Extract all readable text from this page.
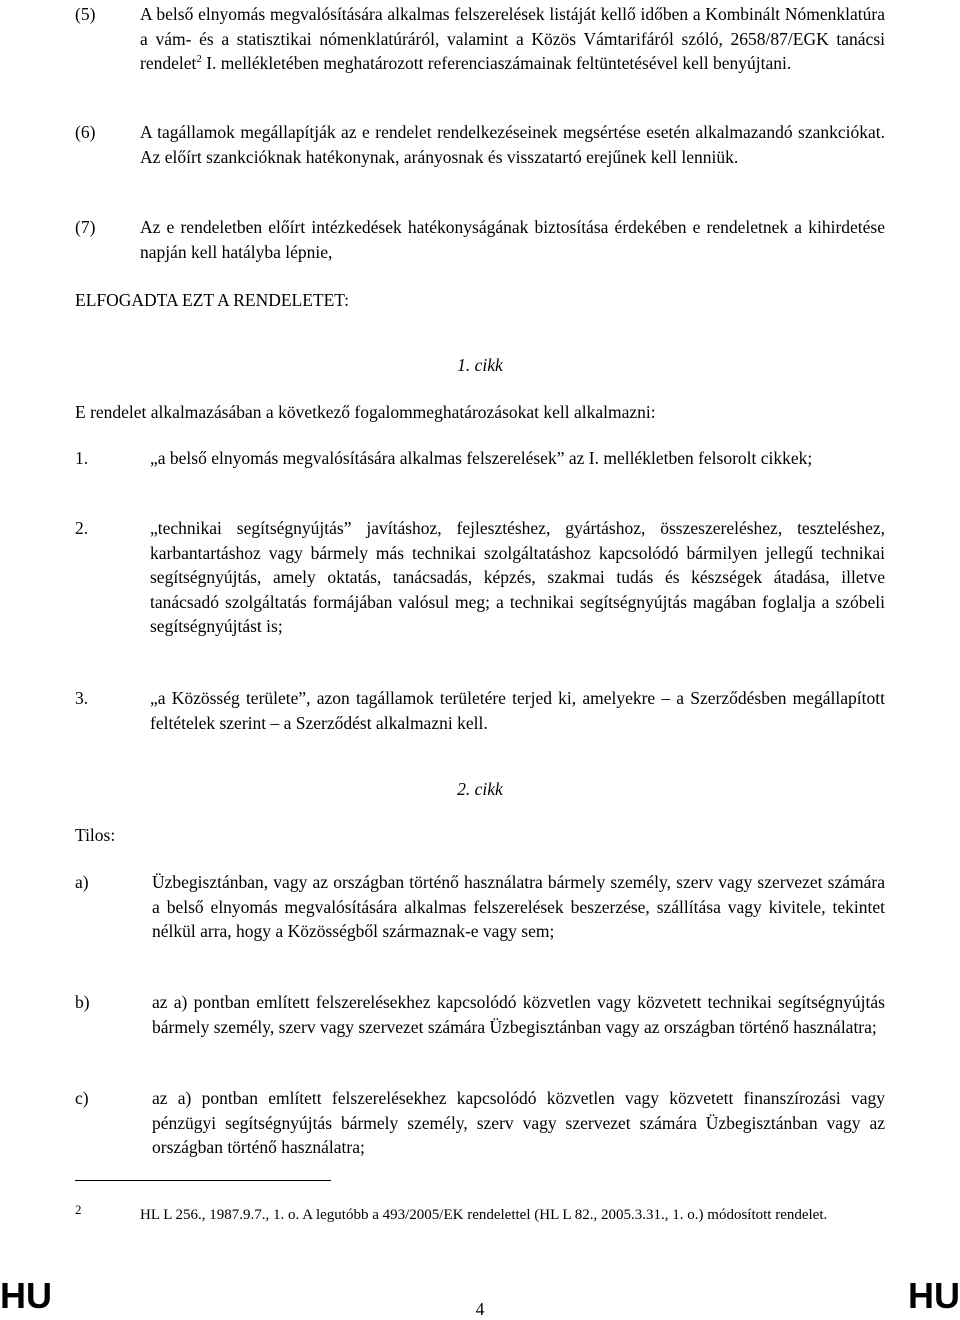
(5)	A belső elnyomás megvalósítására alkalmas felszerelések listáját kellő időben a Kombinált Nómenklatúra a vám- és a statisztikai nómenklatúráról, valamint a Közös Vámtarifáról szóló, 2658/87/EGK tanácsi rendelet$^2$ I. mellékletében meghatározott referenciaszámainak feltüntetésével kell benyújtani.
(6)	A tagállamok megállapítják az e rendelet rendelkezéseinek megsértése esetén alkalmazandó szankciókat. Az előírt szankcióknak hatékonynak, arányosnak és visszatartó erejűnek kell lenniük.
(7)	Az e rendeletben előírt intézkedések hatékonyságának biztosítása érdekében e rendeletnek a kihirdetése napján kell hatályba lépnie,
ELFOGADTA EZT A RENDELETET:
1. cikk
E rendelet alkalmazásában a következő fogalommeghatározásokat kell alkalmazni:
1.	„a belső elnyomás megvalósítására alkalmas felszerelések” az I. mellékletben felsorolt cikkek;
2.	„technikai segítségnyújtás” javításhoz, fejlesztéshez, gyártáshoz, összeszereléshez, teszteléshez, karbantartáshoz vagy bármely más technikai szolgáltatáshoz kapcsolódó bármilyen jellegű technikai segítségnyújtás, amely oktatás, tanácsadás, képzés, szakmai tudás és készségek átadása, illetve tanácsadó szolgáltatás formájában valósul meg; a technikai segítségnyújtás magában foglalja a szóbeli segítségnyújtást is;
3.	„a Közösség területe”, azon tagállamok területére terjed ki, amelyekre – a Szerződésben megállapított feltételek szerint – a Szerződést alkalmazni kell.
2. cikk
Tilos:
a)	Üzbegisztánban, vagy az országban történő használatra bármely személy, szerv vagy szervezet számára a belső elnyomás megvalósítására alkalmas felszerelések beszerzése, szállítása vagy kivitele, tekintet nélkül arra, hogy a Közösségből származnak-e vagy sem;
b)	az a) pontban említett felszerelésekhez kapcsolódó közvetlen vagy közvetett technikai segítségnyújtás bármely személy, szerv vagy szervezet számára Üzbegisztánban vagy az országban történő használatra;
c)	az a) pontban említett felszerelésekhez kapcsolódó közvetlen vagy közvetett finanszírozási vagy pénzügyi segítségnyújtás bármely személy, szerv vagy szervezet számára Üzbegisztánban vagy az országban történő használatra;
2	HL L 256., 1987.9.7., 1. o. A legutóbb a 493/2005/EK rendelettel (HL L 82., 2005.3.31., 1. o.) módosított rendelet.
HU	4	HU
